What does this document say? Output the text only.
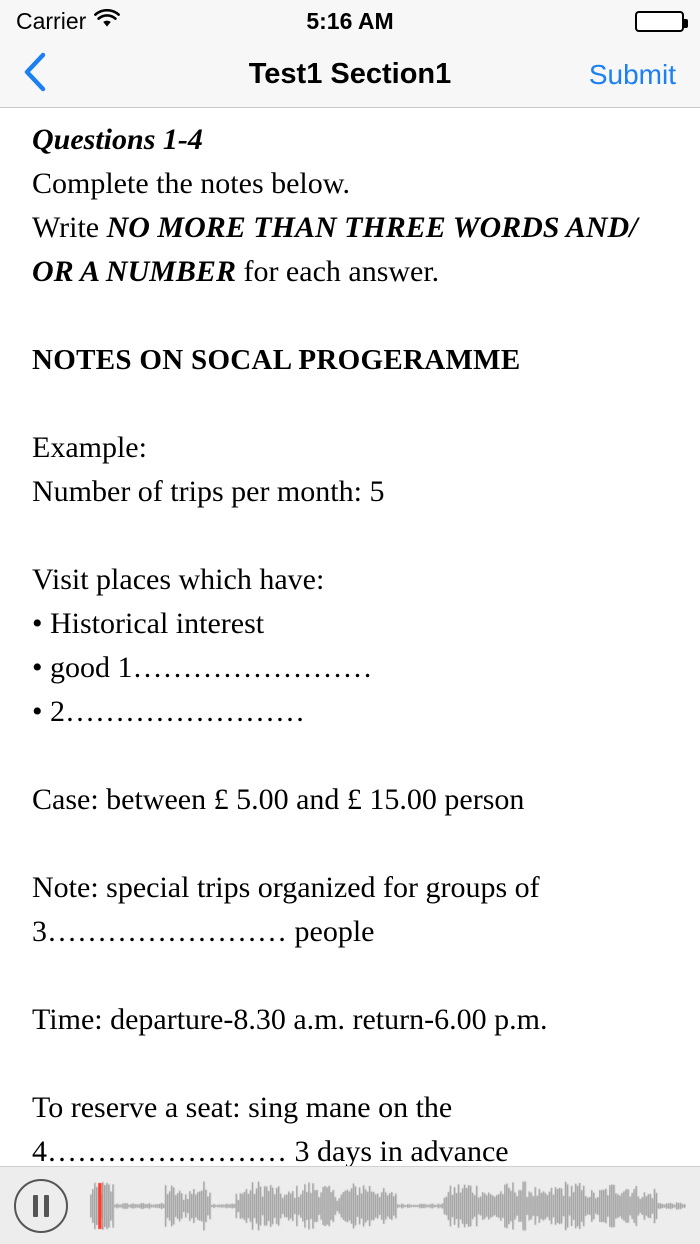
Carrier	5:16 AM
Test1 Section1	Submit

Questions 1-4

Complete the notes below.

Write NO MORE THAN THREE WORDS AND/

OR A NUMBER for each answer.

NOTES ON SOCAL PROGERAMME

Example:

Number of trips per month: 5

Visit places which have:

• Historical interest

• good 1……………………

• 2……………………

Case: between £ 5.00 and £ 15.00 person

Note: special trips organized for groups of

3…………………… people

Time: departure-8.30 a.m. return-6.00 p.m.

To reserve a seat: sing mane on the

4…………………… 3 days in advance
